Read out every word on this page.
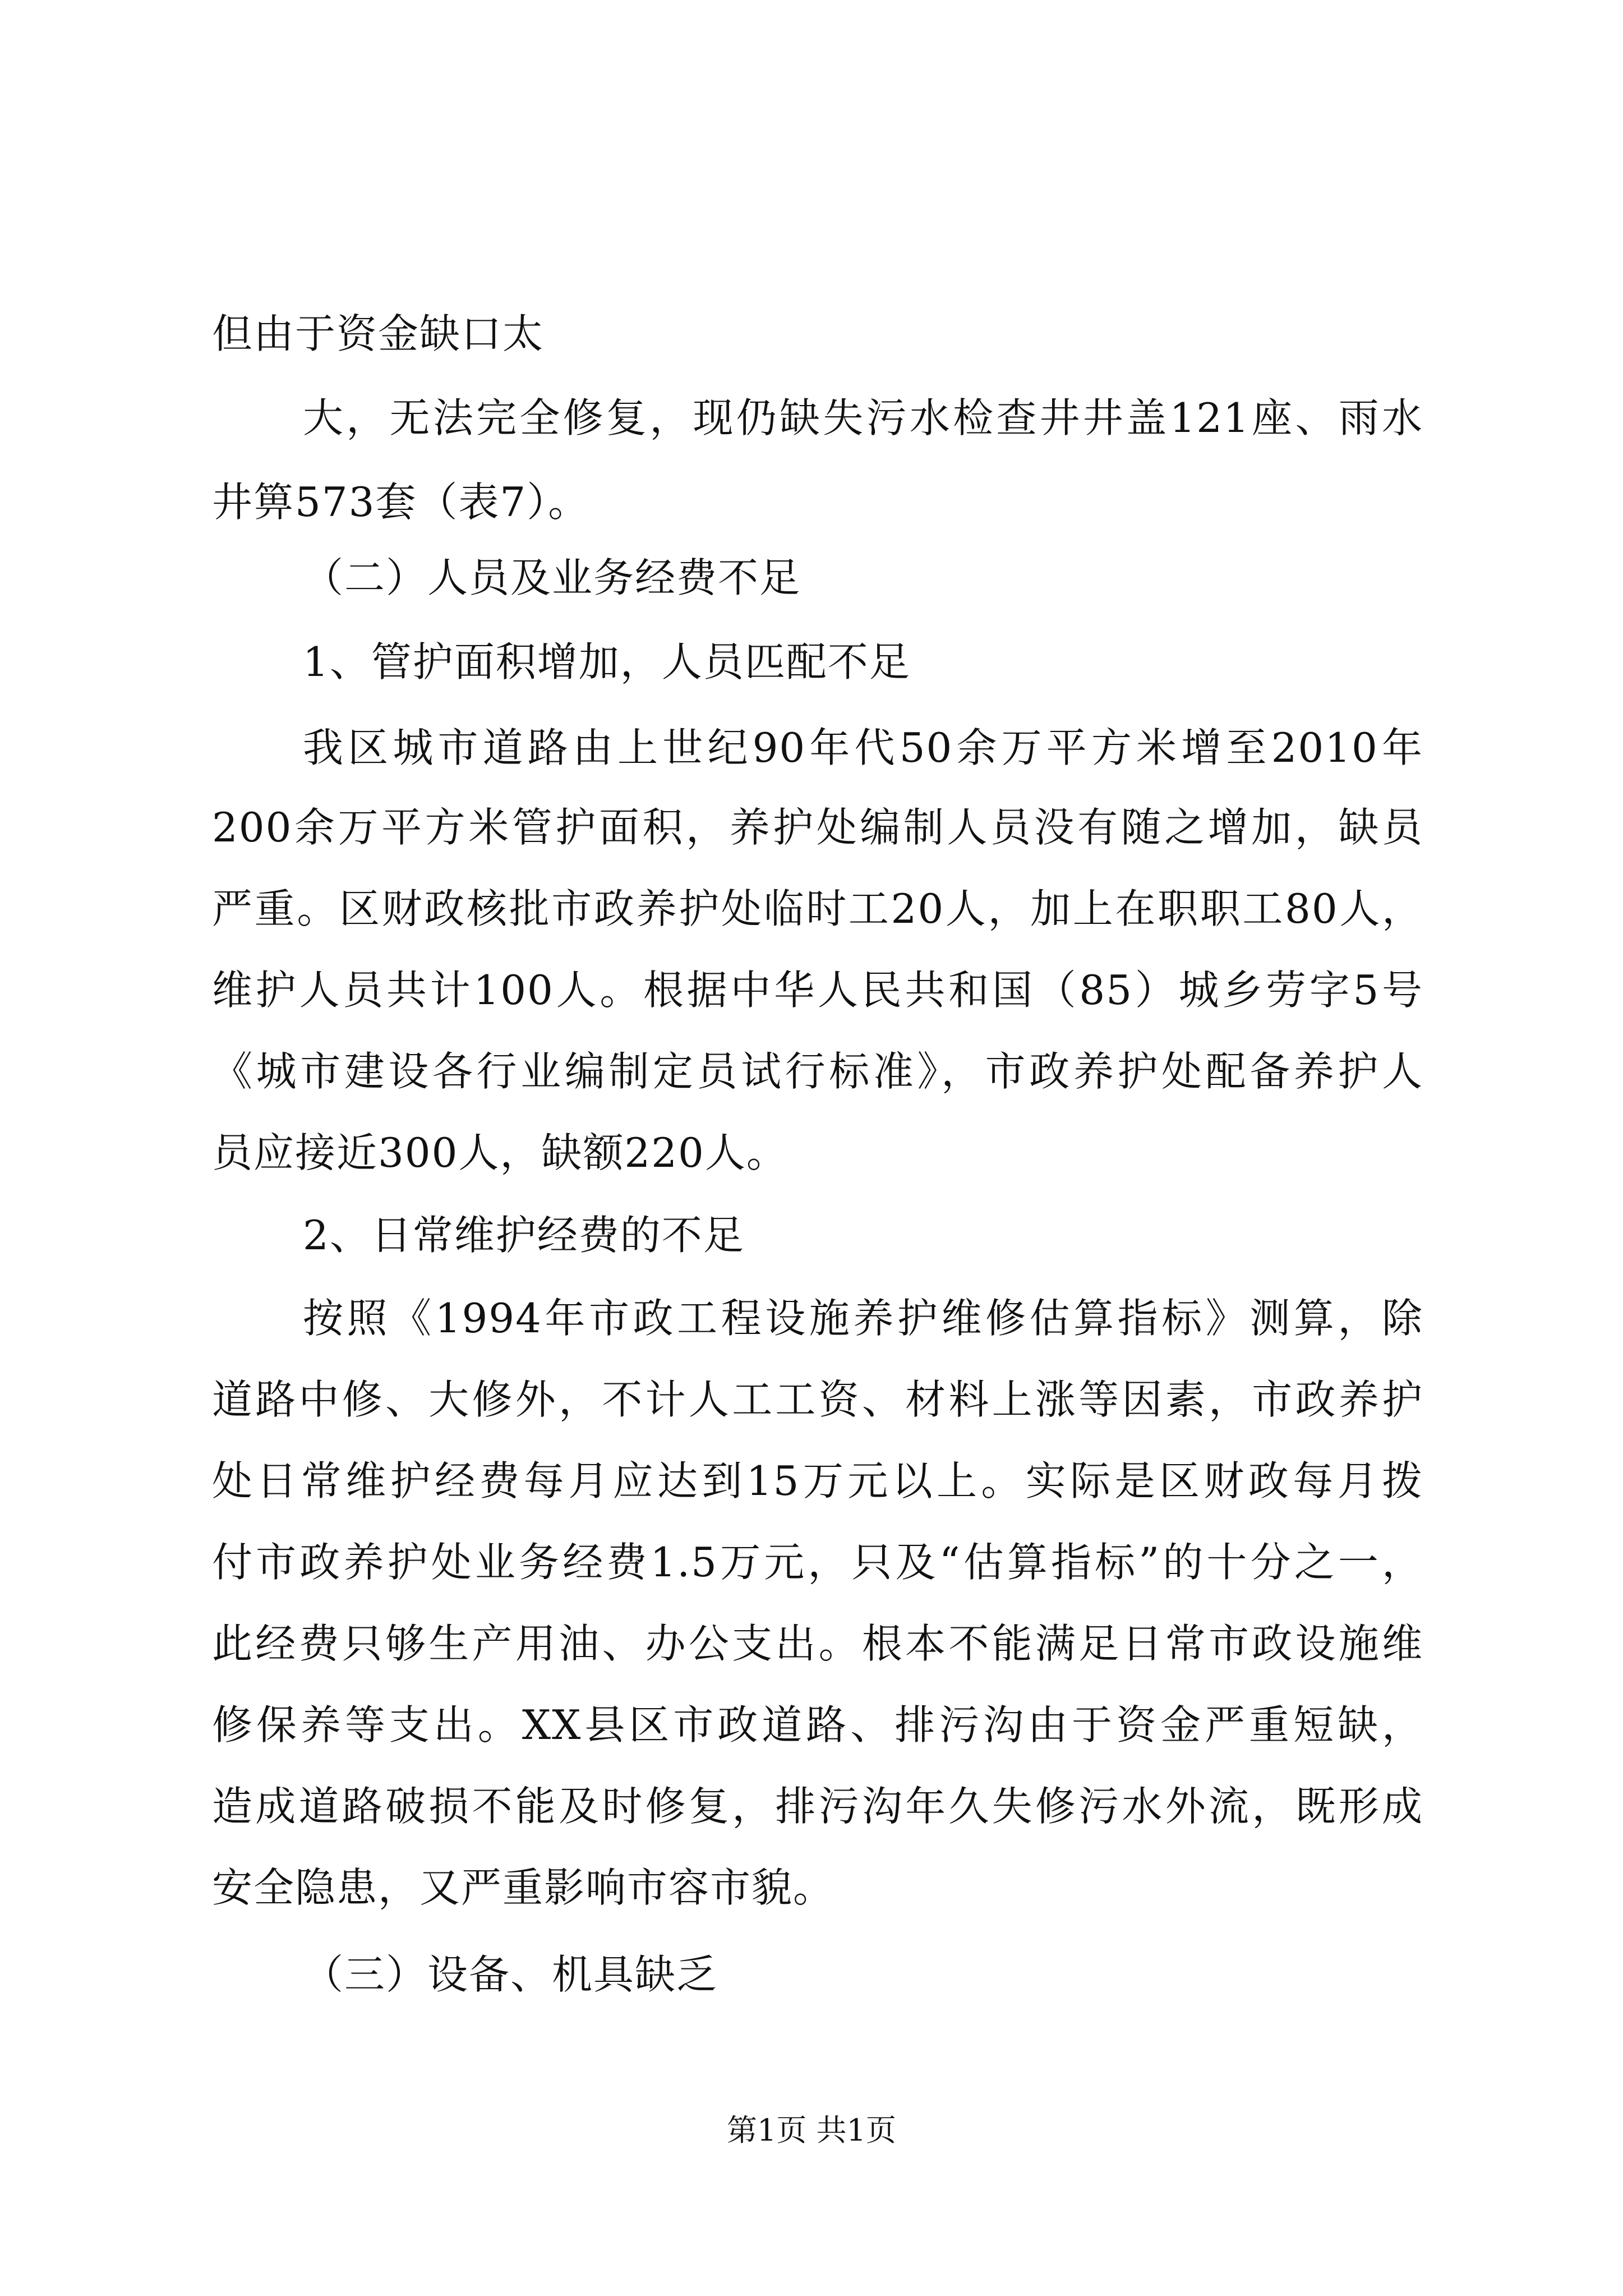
但由于资金缺口太
大，无法完全修复，现仍缺失污水检查井井盖121座、雨水
井箅573套（表7）。
（二）人员及业务经费不足
1、管护面积增加，人员匹配不足
我区城市道路由上世纪90年代50余万平方米增至2010年
200余万平方米管护面积，养护处编制人员没有随之增加，缺员
严重。区财政核批市政养护处临时工20人，加上在职职工80人，
维护人员共计100人。根据中华人民共和国（85）城乡劳字5号
《城市建设各行业编制定员试行标准》，市政养护处配备养护人
员应接近300人，缺额220人。
2、日常维护经费的不足
按照《1994年市政工程设施养护维修估算指标》测算，除
道路中修、大修外，不计人工工资、材料上涨等因素，市政养护
处日常维护经费每月应达到15万元以上。实际是区财政每月拨
付市政养护处业务经费1.5万元，只及“估算指标”的十分之一，
此经费只够生产用油、办公支出。根本不能满足日常市政设施维
修保养等支出。XX县区市政道路、排污沟由于资金严重短缺，
造成道路破损不能及时修复，排污沟年久失修污水外流，既形成
安全隐患，又严重影响市容市貌。
（三）设备、机具缺乏
第1页 共1页
